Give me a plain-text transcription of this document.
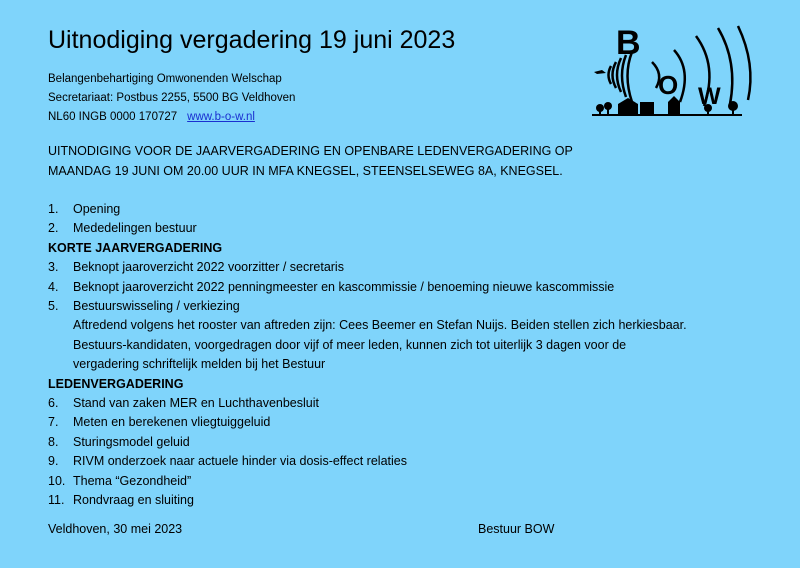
Uitnodiging vergadering 19 juni 2023
Belangenbehartiging Omwonenden Welschap
Secretariaat: Postbus 2255, 5500 BG Veldhoven
NL60 INGB 0000 170727 www.b-o-w.nl
B
O W
UITNODIGING VOOR DE JAARVERGADERING EN OPENBARE LEDENVERGADERING OP
MAANDAG 19 JUNI OM 20.00 UUR IN MFA KNEGSEL, STEENSELSEWEG 8A, KNEGSEL.
1.	Opening
2.	Mededelingen bestuur
KORTE JAARVERGADERING
3.	Beknopt jaaroverzicht 2022 voorzitter / secretaris
4.	Beknopt jaaroverzicht 2022 penningmeester en kascommissie / benoeming nieuwe kascommissie
5.	Bestuurswisseling / verkiezing
Aftredend volgens het rooster van aftreden zijn: Cees Beemer en Stefan Nuijs. Beiden stellen zich herkiesbaar.
Bestuurs-kandidaten, voorgedragen door vijf of meer leden, kunnen zich tot uiterlijk 3 dagen voor de
vergadering schriftelijk melden bij het Bestuur
LEDENVERGADERING
6.	Stand van zaken MER en Luchthavenbesluit
7.	Meten en berekenen vliegtuiggeluid
8.	Sturingsmodel geluid
9.	RIVM onderzoek naar actuele hinder via dosis-effect relaties
10. Thema “Gezondheid”
11. Rondvraag en sluiting
Veldhoven, 30 mei 2023	Bestuur BOW
